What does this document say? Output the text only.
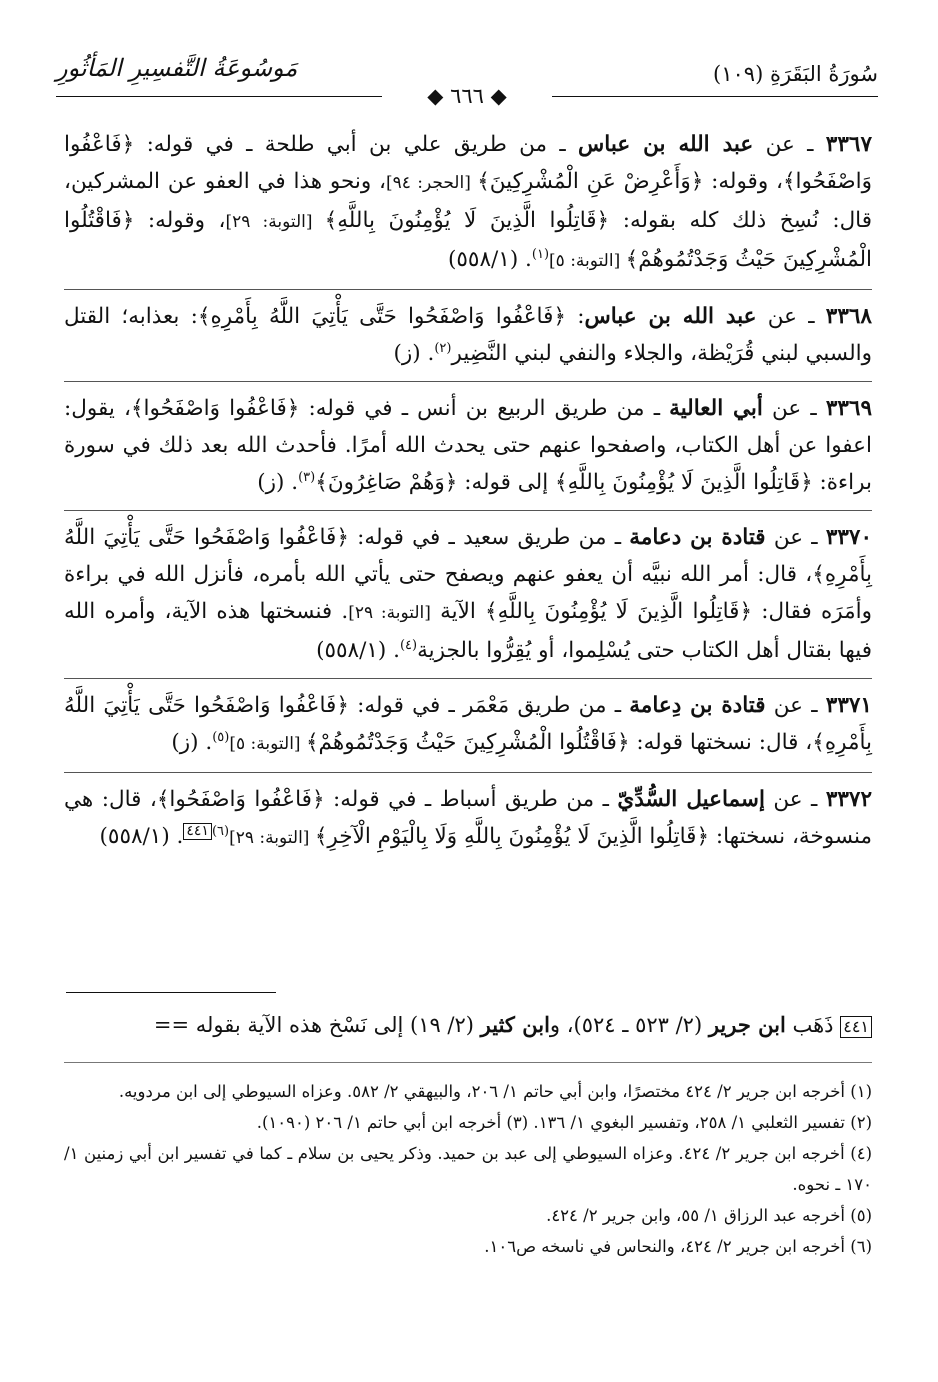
سُورَةُ البَقَرَةِ (١٠٩)
مَوسُوعَةُ التَّفسِيرِ المَأثُورِ
◆ ٦٦٦ ◆

٣٣٦٧ ـ عن عبد الله بن عباس ـ من طريق علي بن أبي طلحة ـ في قوله: ﴿فَاعْفُوا وَاصْفَحُوا﴾، وقوله: ﴿وَأَعْرِضْ عَنِ الْمُشْرِكِينَ﴾ [الحجر: ٩٤]، ونحو هذا في العفو عن المشركين، قال: نُسِخ ذلك كله بقوله: ﴿قَاتِلُوا الَّذِينَ لَا يُؤْمِنُونَ بِاللَّهِ﴾ [التوبة: ٢٩]، وقوله: ﴿فَاقْتُلُوا الْمُشْرِكِينَ حَيْثُ وَجَدْتُمُوهُمْ﴾ [التوبة: ٥]$^{(١)}$. (٥٥٨/١)

٣٣٦٨ ـ عن عبد الله بن عباس: ﴿فَاعْفُوا وَاصْفَحُوا حَتَّى يَأْتِيَ اللَّهُ بِأَمْرِهِ﴾: بعذابه؛ القتل والسبي لبني قُرَيْظة، والجلاء والنفي لبني النَّضِير$^{(٢)}$. (ز)

٣٣٦٩ ـ عن أبي العالية ـ من طريق الربيع بن أنس ـ في قوله: ﴿فَاعْفُوا وَاصْفَحُوا﴾، يقول: اعفوا عن أهل الكتاب، واصفحوا عنهم حتى يحدث الله أمرًا. فأحدث الله بعد ذلك في سورة براءة: ﴿قَاتِلُوا الَّذِينَ لَا يُؤْمِنُونَ بِاللَّهِ﴾ إلى قوله: ﴿وَهُمْ صَاغِرُونَ﴾$^{(٣)}$. (ز)

٣٣٧٠ ـ عن قتادة بن دعامة ـ من طريق سعيد ـ في قوله: ﴿فَاعْفُوا وَاصْفَحُوا حَتَّى يَأْتِيَ اللَّهُ بِأَمْرِهِ﴾، قال: أمر الله نبيَّه أن يعفو عنهم ويصفح حتى يأتي الله بأمره، فأنزل الله في براءة وأمَرَه فقال: ﴿قَاتِلُوا الَّذِينَ لَا يُؤْمِنُونَ بِاللَّهِ﴾ الآية [التوبة: ٢٩]. فنسختها هذه الآية، وأمره الله فيها بقتال أهل الكتاب حتى يُسْلِموا، أو يُقِرُّوا بالجزية$^{(٤)}$. (٥٥٨/١)

٣٣٧١ ـ عن قتادة بن دِعامة ـ من طريق مَعْمَر ـ في قوله: ﴿فَاعْفُوا وَاصْفَحُوا حَتَّى يَأْتِيَ اللَّهُ بِأَمْرِهِ﴾، قال: نسختها قوله: ﴿فَاقْتُلُوا الْمُشْرِكِينَ حَيْثُ وَجَدْتُمُوهُمْ﴾ [التوبة: ٥]$^{(٥)}$. (ز)

٣٣٧٢ ـ عن إسماعيل السُّدِّيّ ـ من طريق أسباط ـ في قوله: ﴿فَاعْفُوا وَاصْفَحُوا﴾، قال: هي منسوخة، نسختها: ﴿قَاتِلُوا الَّذِينَ لَا يُؤْمِنُونَ بِاللَّهِ وَلَا بِالْيَوْمِ الْآخِرِ﴾ [التوبة: ٢٩]$^{(٦)}$٤٤١. (٥٥٨/١)

٤٤١ ذَهَب ابن جرير (٢/ ٥٢٣ ـ ٥٢٤)، وابن كثير (٢/ ١٩) إلى نَسْخ هذه الآية بقوله ==

(١) أخرجه ابن جرير ٢/ ٤٢٤ مختصرًا، وابن أبي حاتم ١/ ٢٠٦، والبيهقي ٢/ ٥٨٢. وعزاه السيوطي إلى ابن مردويه.

(٢) تفسير الثعلبي ١/ ٢٥٨، وتفسير البغوي ١/ ١٣٦. (٣) أخرجه ابن أبي حاتم ١/ ٢٠٦ (١٠٩٠).

(٤) أخرجه ابن جرير ٢/ ٤٢٤. وعزاه السيوطي إلى عبد بن حميد. وذكر يحيى بن سلام ـ كما في تفسير ابن أبي زمنين ١/ ١٧٠ ـ نحوه.

(٥) أخرجه عبد الرزاق ١/ ٥٥، وابن جرير ٢/ ٤٢٤.

(٦) أخرجه ابن جرير ٢/ ٤٢٤، والنحاس في ناسخه ص١٠٦.
